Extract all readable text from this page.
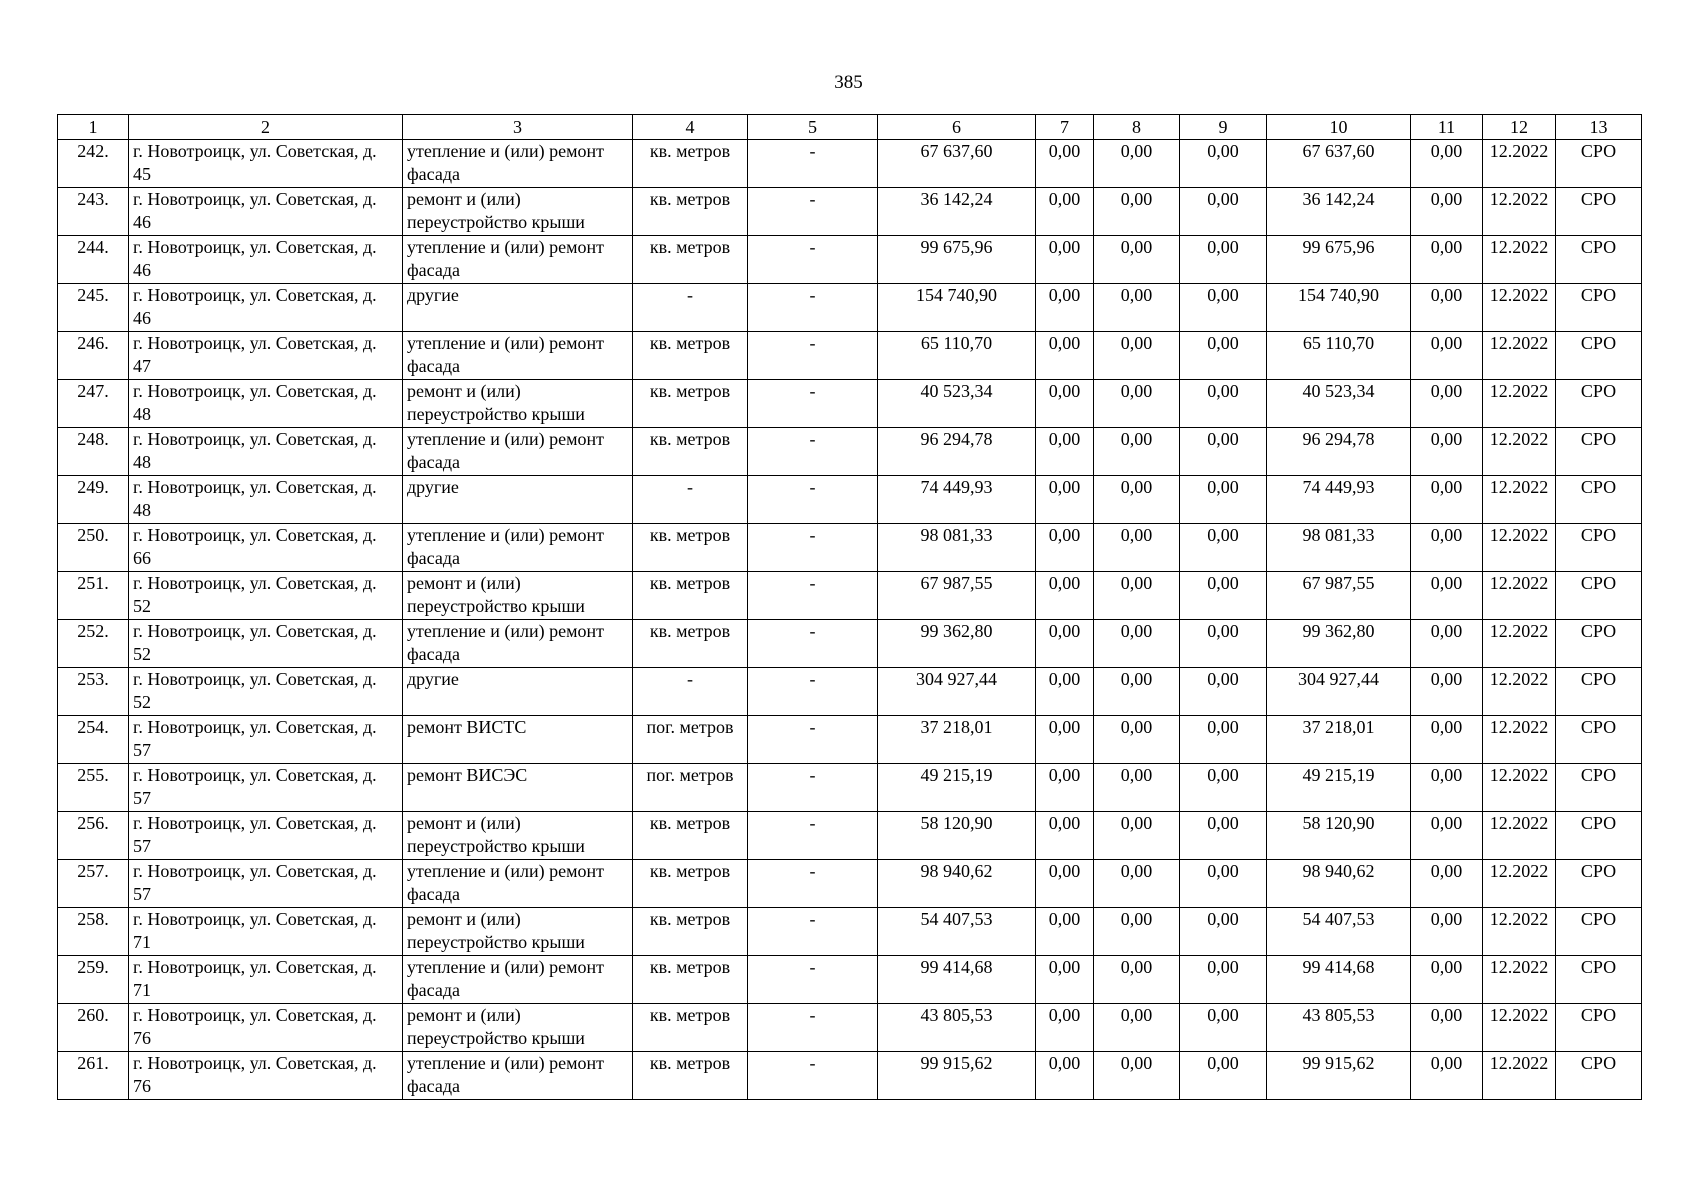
385
1	2	3	4	5	6	7	8	9	10	11	12	13
242.	г. Новотроицк, ул. Советская, д. 45	утепление и (или) ремонт фасада	кв. метров	-	67 637,60	0,00	0,00	0,00	67 637,60	0,00	12.2022	СРО
243.	г. Новотроицк, ул. Советская, д. 46	ремонт и (или) переустройство крыши	кв. метров	-	36 142,24	0,00	0,00	0,00	36 142,24	0,00	12.2022	СРО
244.	г. Новотроицк, ул. Советская, д. 46	утепление и (или) ремонт фасада	кв. метров	-	99 675,96	0,00	0,00	0,00	99 675,96	0,00	12.2022	СРО
245.	г. Новотроицк, ул. Советская, д. 46	другие	-	-	154 740,90	0,00	0,00	0,00	154 740,90	0,00	12.2022	СРО
246.	г. Новотроицк, ул. Советская, д. 47	утепление и (или) ремонт фасада	кв. метров	-	65 110,70	0,00	0,00	0,00	65 110,70	0,00	12.2022	СРО
247.	г. Новотроицк, ул. Советская, д. 48	ремонт и (или) переустройство крыши	кв. метров	-	40 523,34	0,00	0,00	0,00	40 523,34	0,00	12.2022	СРО
248.	г. Новотроицк, ул. Советская, д. 48	утепление и (или) ремонт фасада	кв. метров	-	96 294,78	0,00	0,00	0,00	96 294,78	0,00	12.2022	СРО
249.	г. Новотроицк, ул. Советская, д. 48	другие	-	-	74 449,93	0,00	0,00	0,00	74 449,93	0,00	12.2022	СРО
250.	г. Новотроицк, ул. Советская, д. 66	утепление и (или) ремонт фасада	кв. метров	-	98 081,33	0,00	0,00	0,00	98 081,33	0,00	12.2022	СРО
251.	г. Новотроицк, ул. Советская, д. 52	ремонт и (или) переустройство крыши	кв. метров	-	67 987,55	0,00	0,00	0,00	67 987,55	0,00	12.2022	СРО
252.	г. Новотроицк, ул. Советская, д. 52	утепление и (или) ремонт фасада	кв. метров	-	99 362,80	0,00	0,00	0,00	99 362,80	0,00	12.2022	СРО
253.	г. Новотроицк, ул. Советская, д. 52	другие	-	-	304 927,44	0,00	0,00	0,00	304 927,44	0,00	12.2022	СРО
254.	г. Новотроицк, ул. Советская, д. 57	ремонт ВИСТС	пог. метров	-	37 218,01	0,00	0,00	0,00	37 218,01	0,00	12.2022	СРО
255.	г. Новотроицк, ул. Советская, д. 57	ремонт ВИСЭС	пог. метров	-	49 215,19	0,00	0,00	0,00	49 215,19	0,00	12.2022	СРО
256.	г. Новотроицк, ул. Советская, д. 57	ремонт и (или) переустройство крыши	кв. метров	-	58 120,90	0,00	0,00	0,00	58 120,90	0,00	12.2022	СРО
257.	г. Новотроицк, ул. Советская, д. 57	утепление и (или) ремонт фасада	кв. метров	-	98 940,62	0,00	0,00	0,00	98 940,62	0,00	12.2022	СРО
258.	г. Новотроицк, ул. Советская, д. 71	ремонт и (или) переустройство крыши	кв. метров	-	54 407,53	0,00	0,00	0,00	54 407,53	0,00	12.2022	СРО
259.	г. Новотроицк, ул. Советская, д. 71	утепление и (или) ремонт фасада	кв. метров	-	99 414,68	0,00	0,00	0,00	99 414,68	0,00	12.2022	СРО
260.	г. Новотроицк, ул. Советская, д. 76	ремонт и (или) переустройство крыши	кв. метров	-	43 805,53	0,00	0,00	0,00	43 805,53	0,00	12.2022	СРО
261.	г. Новотроицк, ул. Советская, д. 76	утепление и (или) ремонт фасада	кв. метров	-	99 915,62	0,00	0,00	0,00	99 915,62	0,00	12.2022	СРО
